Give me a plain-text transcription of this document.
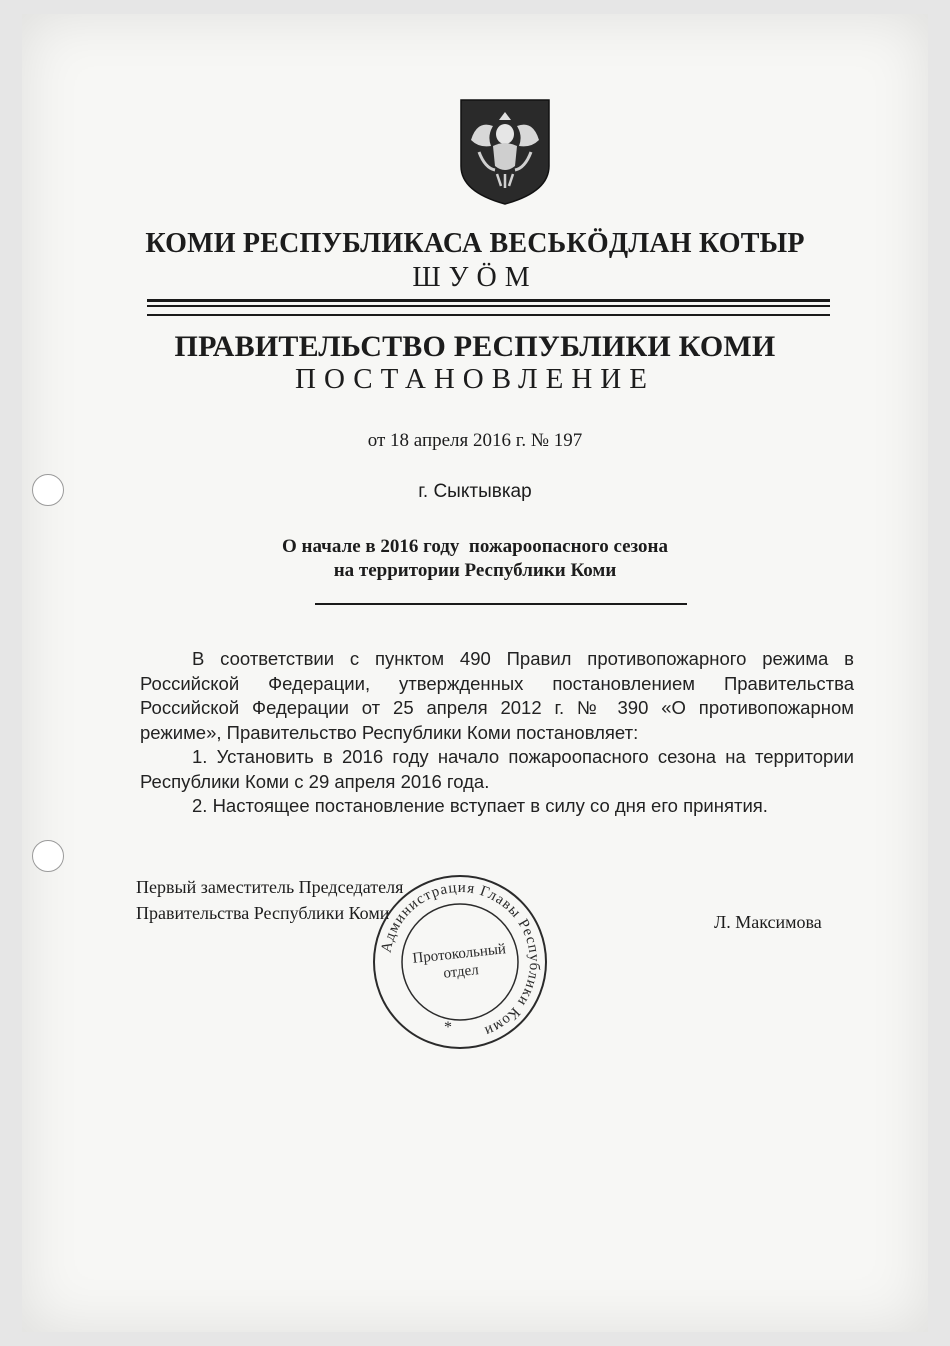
КОМИ РЕСПУБЛИКАСА ВЕСЬКӦДЛАН КОТЫР
ШУӦМ
ПРАВИТЕЛЬСТВО РЕСПУБЛИКИ КОМИ
ПОСТАНОВЛЕНИЕ
от 18 апреля 2016 г. № 197
г. Сыктывкар
О начале в 2016 году  пожароопасного сезона
на территории Республики Коми

В соответствии с пунктом 490 Правил противопожарного режима в Российской Федерации, утвержденных постановлением Правительства Российской Федерации от 25 апреля 2012 г. № 390 «О противопожарном режиме», Правительство Республики Коми постановляет:

1. Установить в 2016 году начало пожароопасного сезона на территории Республики Коми с 29 апреля 2016 года.

2. Настоящее постановление вступает в силу со дня его принятия.

Первый заместитель Председателя
Правительства Республики Коми	Л. Максимова
Администрация Главы Республики Коми
Протокольный
отдел
*
